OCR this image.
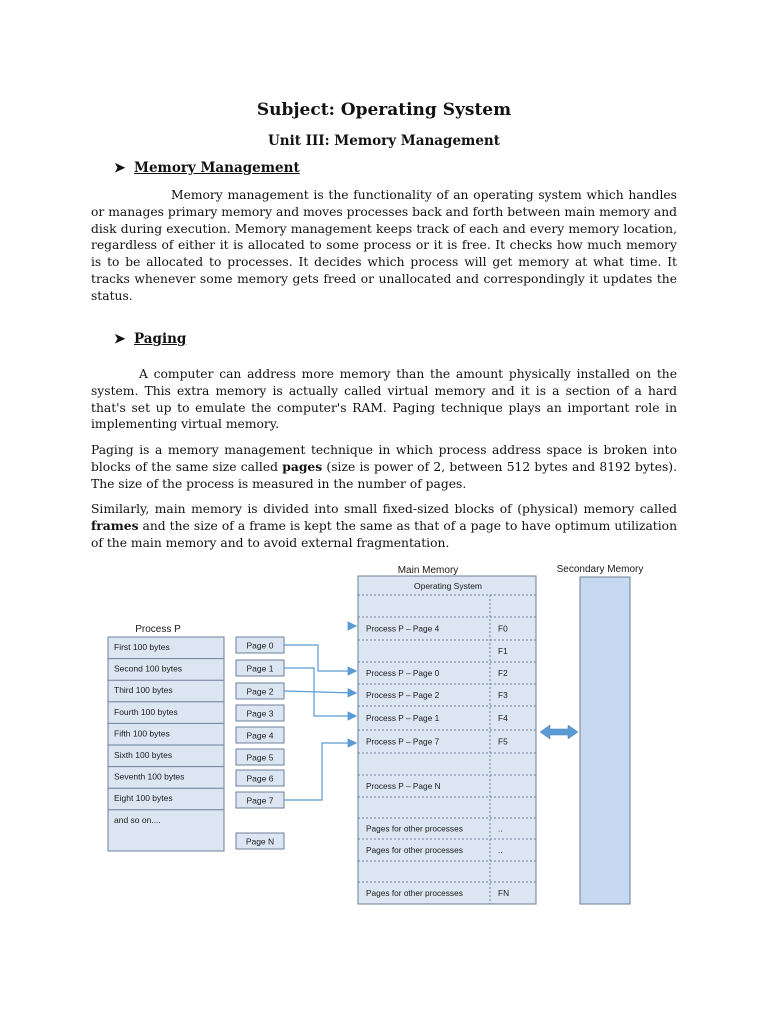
Subject: Operating System
Unit III: Memory Management
➤ Memory Management

Memory management is the functionality of an operating system which handles or manages primary memory and moves processes back and forth between main memory and disk during execution. Memory management keeps track of each and every memory location, regardless of either it is allocated to some process or it is free. It checks how much memory is to be allocated to processes. It decides which process will get memory at what time. It tracks whenever some memory gets freed or unallocated and correspondingly it updates the status.

➤ Paging

A computer can address more memory than the amount physically installed on the system. This extra memory is actually called virtual memory and it is a section of a hard that's set up to emulate the computer's RAM. Paging technique plays an important role in implementing virtual memory.

Paging is a memory management technique in which process address space is broken into blocks of the same size called pages (size is power of 2, between 512 bytes and 8192 bytes). The size of the process is measured in the number of pages.

Similarly, main memory is divided into small fixed-sized blocks of (physical) memory called frames and the size of a frame is kept the same as that of a page to have optimum utilization of the main memory and to avoid external fragmentation.

Process P
First 100 bytes
Second 100 bytes
Third 100 bytes
Fourth 100 bytes
Fifth 100 bytes
Sixth 100 bytes
Seventh 100 bytes
Eight 100 bytes
and so on....
Page 0
Page 1
Page 2
Page 3
Page 4
Page 5
Page 6
Page 7
Page N
Main Memory
Operating System
Process P – Page 4	F0
F1
Process P – Page 0	F2
Process P – Page 2	F3
Process P – Page 1	F4
Process P – Page 7	F5
Process P – Page N
Pages for other processes	..
Pages for other processes	..
Pages for other processes	FN
Secondary Memory
